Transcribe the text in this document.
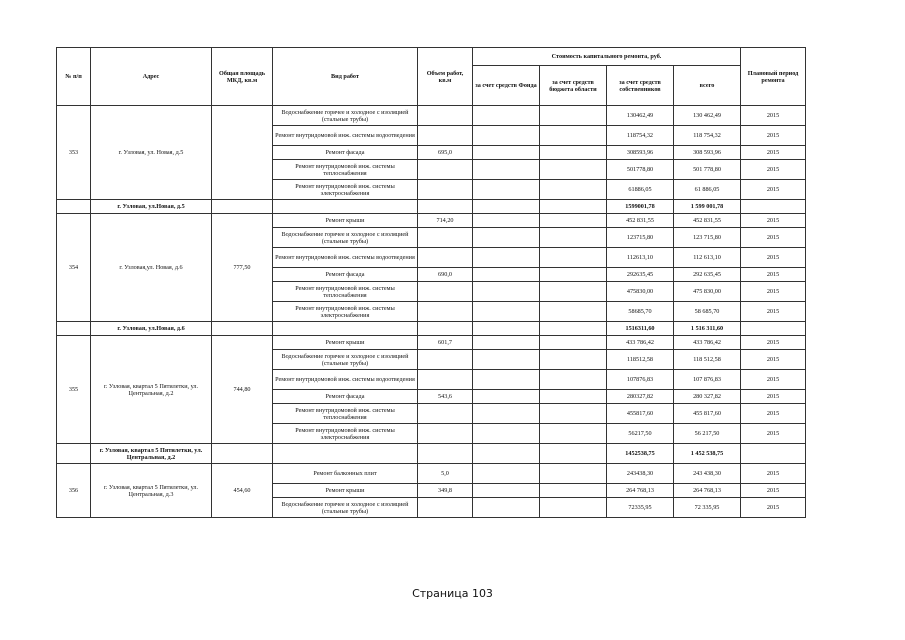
№ п/п	Адрес	Общая площадь МКД, кв.м	Вид работ	Объем работ, кв.м	Стоимость капитального ремонта, руб.				Плановый период ремонта
					за счет средств Фонда	за счет средств бюджета области	за счет средств собственников	всего	
353	г. Узловая, ул. Новая, д.5		Водоснабжение горячее и холодное с изоляцией (стальные трубы)				130462,49	130 462,49	2015
			Ремонт внутридомовой инж. системы водоотведения				118754,32	118 754,32	2015
			Ремонт фасада	695,0			308593,96	308 593,96	2015
			Ремонт внутридомовой инж. системы теплоснабжения				501778,80	501 778,80	2015
			Ремонт внутридомовой инж. системы электроснабжения				61886,05	61 886,05	2015
	г. Узловая, ул.Новая, д.5						1599001,78	1 599 001,78	
354	г. Узловая,ул. Новая, д.6	777,50	Ремонт крыши	714,20			452 831,55	452 831,55	2015
			Водоснабжение горячее и холодное с изоляцией (стальные трубы)				123715,80	123 715,80	2015
			Ремонт внутридомовой инж. системы водоотведения				112613,10	112 613,10	2015
			Ремонт фасада	690,0			292635,45	292 635,45	2015
			Ремонт внутридомовой инж. системы теплоснабжения				475830,00	475 830,00	2015
			Ремонт внутридомовой инж. системы электроснабжения				58685,70	58 685,70	2015
	г. Узловая, ул.Новая, д.6						1516311,60	1 516 311,60	
355	г. Узловая, квартал 5 Пятилетки, ул. Центральная, д.2	744,80	Ремонт крыши	601,7			433 786,42	433 786,42	2015
			Водоснабжение горячее и холодное с изоляцией (стальные трубы)				118512,58	118 512,58	2015
			Ремонт внутридомовой инж. системы водоотведения				107876,83	107 876,83	2015
			Ремонт фасада	543,6			280327,82	280 327,82	2015
			Ремонт внутридомовой инж. системы теплоснабжения				455817,60	455 817,60	2015
			Ремонт внутридомовой инж. системы электроснабжения				56217,50	56 217,50	2015
	г. Узловая, квартал 5 Пятилетки, ул. Центральная, д.2						1452538,75	1 452 538,75	
356	г. Узловая, квартал 5 Пятилетки, ул. Центральная, д.3	454,60	Ремонт балконных плит	5,0			243438,30	243 438,30	2015
			Ремонт крыши	349,8			264 768,13	264 768,13	2015
			Водоснабжение горячее и холодное с изоляцией (стальные трубы)				72335,95	72 335,95	2015
Страница 103
